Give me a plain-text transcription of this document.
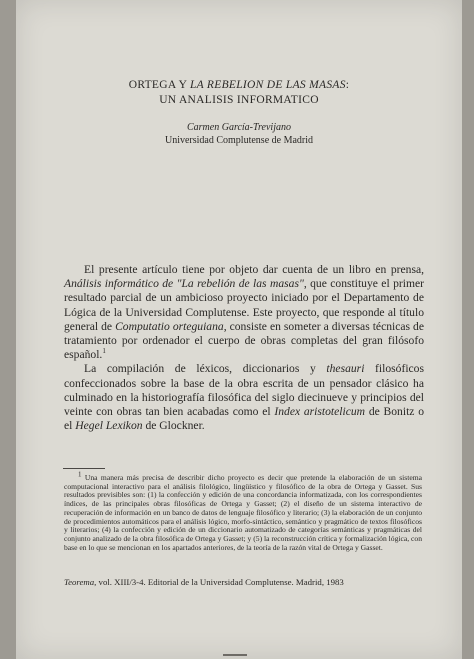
ORTEGA Y LA REBELION DE LAS MASAS:
UN ANALISIS INFORMATICO
Carmen García-Trevijano
Universidad Complutense de Madrid

El presente artículo tiene por objeto dar cuenta de un libro en prensa, Análisis informático de "La rebelión de las masas", que constituye el primer resultado parcial de un ambicioso proyecto iniciado por el Departamento de Lógica de la Universidad Complutense. Este proyecto, que responde al título general de Computatio orteguiana, consiste en someter a diversas técnicas de tratamiento por ordenador el cuerpo de obras completas del gran filósofo español.$^1$

La compilación de léxicos, diccionarios y thesauri filosóficos confeccionados sobre la base de la obra escrita de un pensador clásico ha culminado en la historiografía filosófica del siglo diecinueve y principios del veinte con obras tan bien acabadas como el Index aristotelicum de Bonitz o el Hegel Lexikon de Glockner.

$^1$ Una manera más precisa de describir dicho proyecto es decir que pretende la elaboración de un sistema computacional interactivo para el análisis filológico, lingüístico y filosófico de la obra de Ortega y Gasset. Sus resultados previsibles son: (1) la confección y edición de una concordancia informatizada, con los correspondientes índices, de las principales obras filosóficas de Ortega y Gasset; (2) el diseño de un sistema interactivo de recuperación de información en un banco de datos de lenguaje filosófico y literario; (3) la elaboración de un conjunto de procedimientos automáticos para el análisis lógico, morfo-sintáctico, semántico y pragmático de textos filosóficos y literarios; (4) la confección y edición de un diccionario automatizado de categorías semánticas y pragmáticas del conjunto analizado de la obra filosófica de Ortega y Gasset; y (5) la reconstrucción crítica y formalización lógica, con base en lo que se mencionan en los apartados anteriores, de la teoría de la razón vital de Ortega y Gasset.

Teorema, vol. XIII/3-4. Editorial de la Universidad Complutense. Madrid, 1983
